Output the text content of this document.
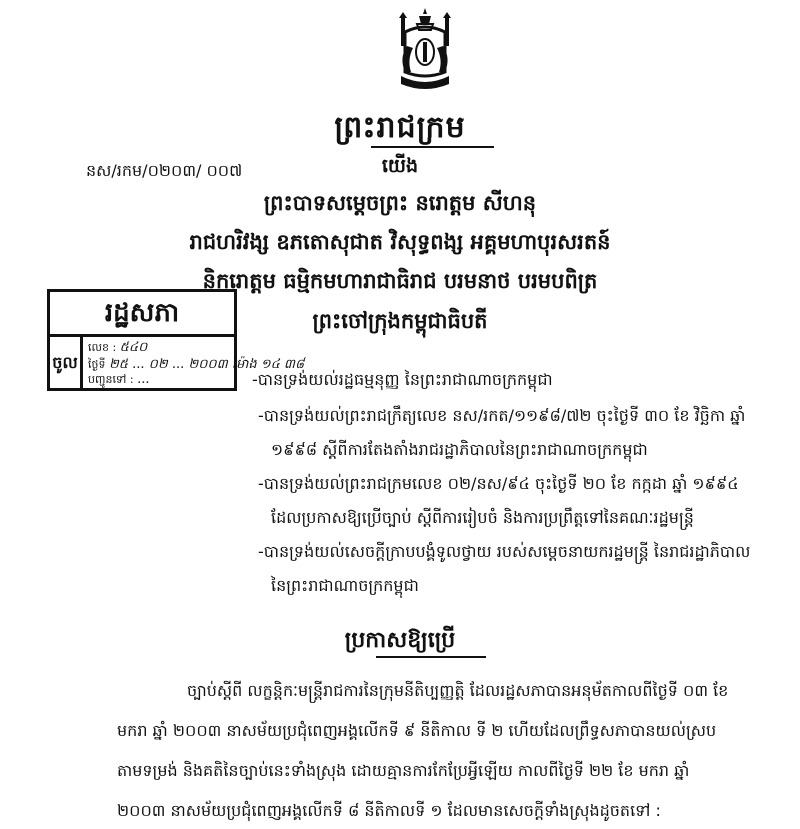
ព្រះរាជក្រម
នស/រកម/០២០៣/ ០០៧	យើង
ព្រះបាទសម្ដេចព្រះ នរោត្ដម សីហនុ
រាជហរិវង្ស ឧភតោសុជាត វិសុទ្ធពង្ស អគ្គមហាបុរសរតន៍
និករោត្ដម ធម្មិកមហារាជាធិរាជ បរមនាថ បរមបពិត្រ
ព្រះចៅក្រុងកម្ពុជាធិបតី
រដ្ឋសភា
ចូល
លេខ : ៥៤០
ថ្ងៃទី ២៥ ... ០២ ... ២០០៣ ម៉ោង ១៤ ៣៨
បញ្ជូនទៅ : ...	-បានទ្រង់យល់រដ្ឋធម្មនុញ្ញ នៃព្រះរាជាណាចក្រកម្ពុជា
-បានទ្រង់យល់ព្រះរាជក្រឹត្យលេខ នស/រកត/១១៩៨/៧២ ចុះថ្ងៃទី ៣០ ខែ វិច្ឆិកា ឆ្នាំ
១៩៩៨ ស្ដីពីការតែងតាំងរាជរដ្ឋាភិបាលនៃព្រះរាជាណាចក្រកម្ពុជា
-បានទ្រង់យល់ព្រះរាជក្រមលេខ ០២/នស/៩៤ ចុះថ្ងៃទី ២០ ខែ កក្កដា ឆ្នាំ ១៩៩៤
ដែលប្រកាសឱ្យប្រើច្បាប់ ស្ដីពីការរៀបចំ និងការប្រព្រឹត្ដទៅនៃគណៈរដ្ឋមន្ដ្រី
-បានទ្រង់យល់សេចក្ដីក្រាបបង្គំទូលថ្វាយ របស់សម្ដេចនាយករដ្ឋមន្ដ្រី នៃរាជរដ្ឋាភិបាល
នៃព្រះរាជាណាចក្រកម្ពុជា
ប្រកាសឱ្យប្រើ
ច្បាប់ស្ដីពី លក្ខន្តិកៈមន្ដ្រីរាជការនៃក្រុមនីតិប្បញ្ញត្ដិ ដែលរដ្ឋសភាបានអនុម័តកាលពីថ្ងៃទី ០៣ ខែ
មករា ឆ្នាំ ២០០៣ នាសម័យប្រជុំពេញអង្គលើកទី ៩ នីតិកាល ទី ២ ហើយដែលព្រឹទ្ធសភាបានយល់ស្រប
តាមទម្រង់ និងគតិនៃច្បាប់នេះទាំងស្រុង ដោយគ្មានការកែប្រែអ្វីឡើយ កាលពីថ្ងៃទី ២២ ខែ មករា ឆ្នាំ
២០០៣ នាសម័យប្រជុំពេញអង្គលើកទី ៨ នីតិកាលទី ១ ដែលមានសេចក្ដីទាំងស្រុងដូចតទៅ :
